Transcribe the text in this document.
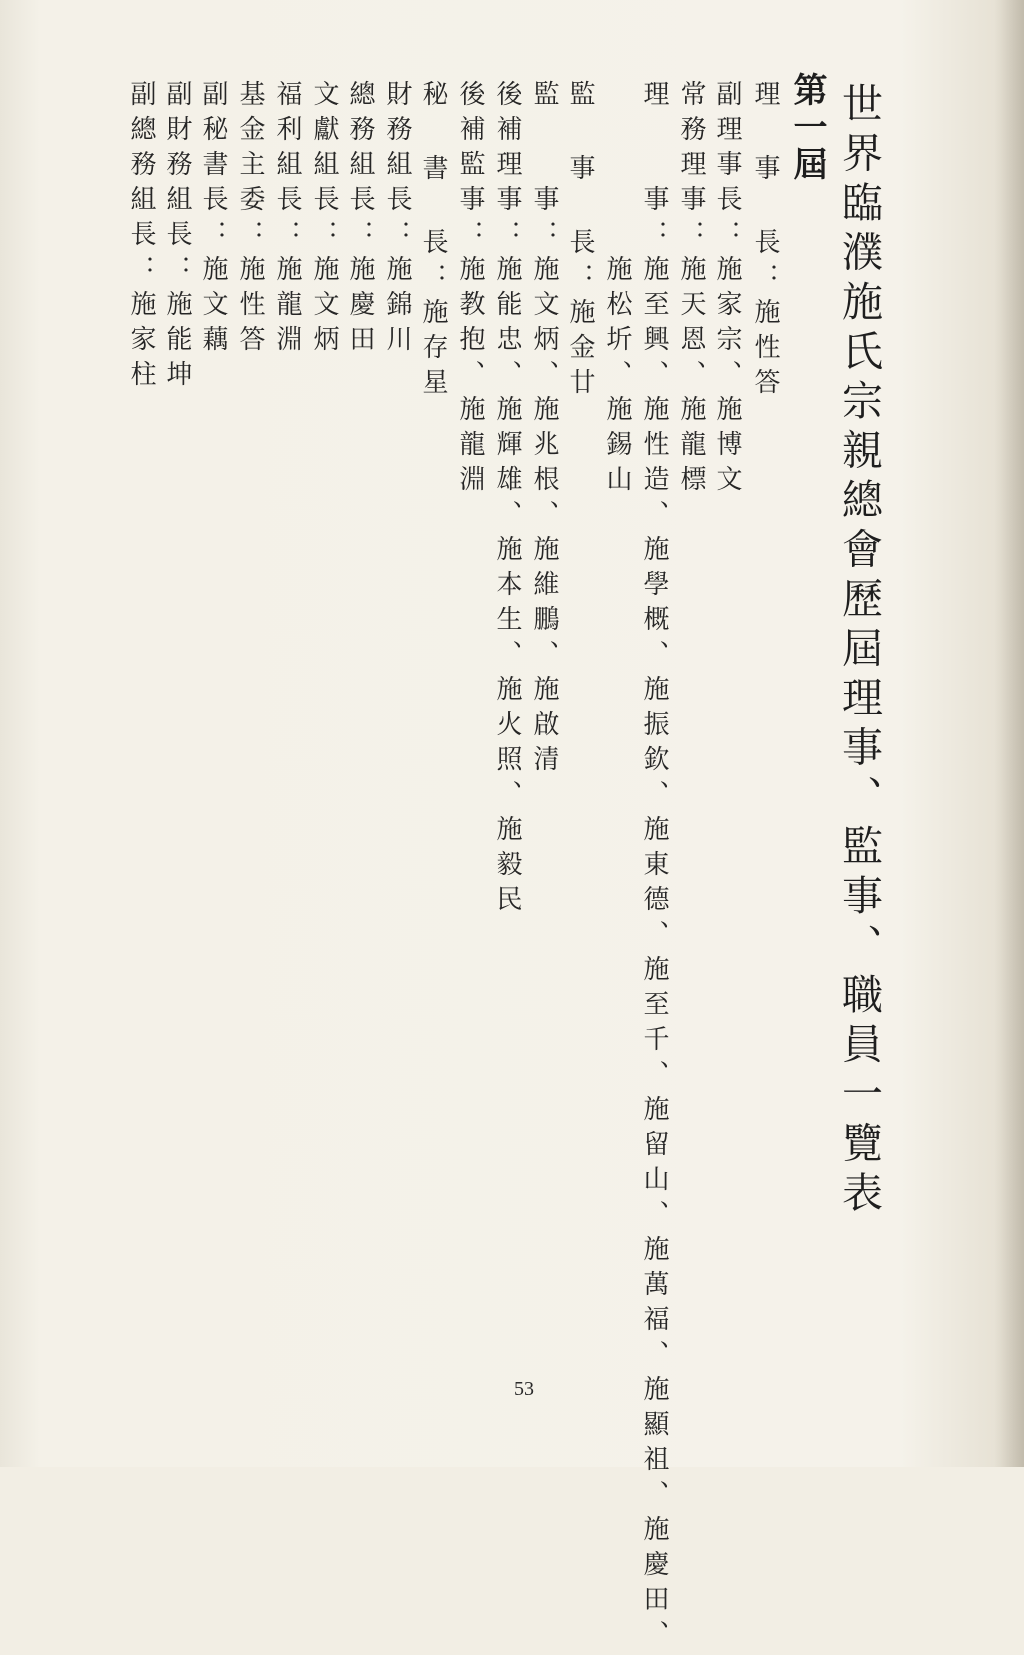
世界臨濮施氏宗親總會歷屆理事、監事、職員一覽表
第一屆
理 事 長：施性答
副理事長：施家宗、施博文
常務理事：施天恩、施龍標
理　　事：施至興、施性造、施學概、施振欽、施東德、施至千、施留山、施萬福、施顯祖、施慶田、
　　　　　施松圻、施錫山
監 事 長：施金廿
監　　事：施文炳、施兆根、施維鵬、施啟清
後補理事：施能忠、施輝雄、施本生、施火照、施毅民
後補監事：施教抱、施龍淵
秘 書 長：施存星
財務組長：施錦川
總務組長：施慶田
文獻組長：施文炳
福利組長：施龍淵
基金主委：施性答
副秘書長：施文藕
副財務組長：施能坤
副總務組長：施家柱
53
